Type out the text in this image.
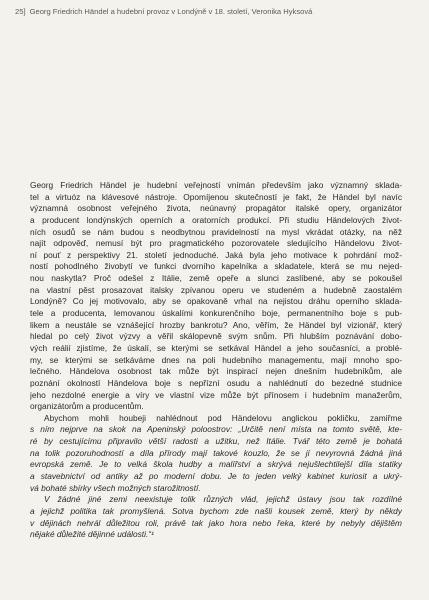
25] Georg Friedrich Händel a hudební provoz v Londýně v 18. století, Veronika Hyksová
Georg Friedrich Händel je hudební veřejností vnímán především jako významný sklada-
tel a virtuóz na klávesové nástroje. Opomíjenou skutečností je fakt, že Händel byl navíc
významná osobnost veřejného života, neúnavný propagátor italské opery, organizátor
a producent londýnských operních a oratorních produkcí. Při studiu Händelových život-
ních osudů se nám budou s neodbytnou pravidelností na mysl vkrádat otázky, na něž
najít odpověď, nemusí být pro pragmatického pozorovatele sledujícího Händelovu život-
ní pouť z perspektivy 21. století jednoduché. Jaká byla jeho motivace k pohrdání mož-
ností pohodlného živobytí ve funkci dvorního kapelníka a skladatele, která se mu nejed-
nou naskytla? Proč odešel z Itálie, země opeře a slunci zaslíbené, aby se pokoušel
na vlastní pěst prosazovat italsky zpívanou operu ve studeném a hudebně zaostalém
Londýně? Co jej motivovalo, aby se opakovaně vrhal na nejistou dráhu operního sklada-
tele a producenta, lemovanou úskalími konkurenčního boje, permanentního boje s pub-
likem a neustále se vznášející hrozby bankrotu? Ano, věřím, že Händel byl vizionář, který
hledal po celý život výzvy a věřil skálopevně svým snům. Při hlubším poznávání dobo-
vých reálií zjistíme, že úskalí, se kterými se setkával Händel a jeho současníci, a problé-
my, se kterými se setkáváme dnes na poli hudebního managementu, mají mnoho spo-
lečného. Händelova osobnost tak může být inspirací nejen dnešním hudebníkům, ale
poznání okolností Händelova boje s nepřízní osudu a nahlédnutí do bezedné studnice
jeho nezdolné energie a víry ve vlastní vize může být přínosem i hudebním manažerům,
organizátorům a producentům.
Abychom mohli houbeji nahlédnout pod Händelovu anglickou pokličku, zamiřme
s ním nejprve na skok na Apeninský poloostrov: „Určitě není místa na tomto světě, kte-
ré by cestujícímu připravilo větší radosti a užitku, než Itálie. Tvář této země je bohatá
na tolik pozoruhodností a díla přírody mají takové kouzlo, že se jí nevyrovná žádná jiná
evropská země. Je to velká škola hudby a malířství a skrývá nejušlechtilejší díla statiky
a stavebnictví od antiky až po moderní dobu. Je to jeden velký kabinet kuriosit a ukrý-
vá bohaté sbírky všech možných starožitností.
V žádné jiné zemi neexistuje tolik různých vlád, jejichž ústavy jsou tak rozdílné
a jejichž politika tak promyšlená. Sotva bychom zde našli kousek země, který by někdy
v dějinách nehrál důležitou roli, právě tak jako hora nebo řeka, které by nebyly dějištěm
nějaké důležité dějinné události.“¹
